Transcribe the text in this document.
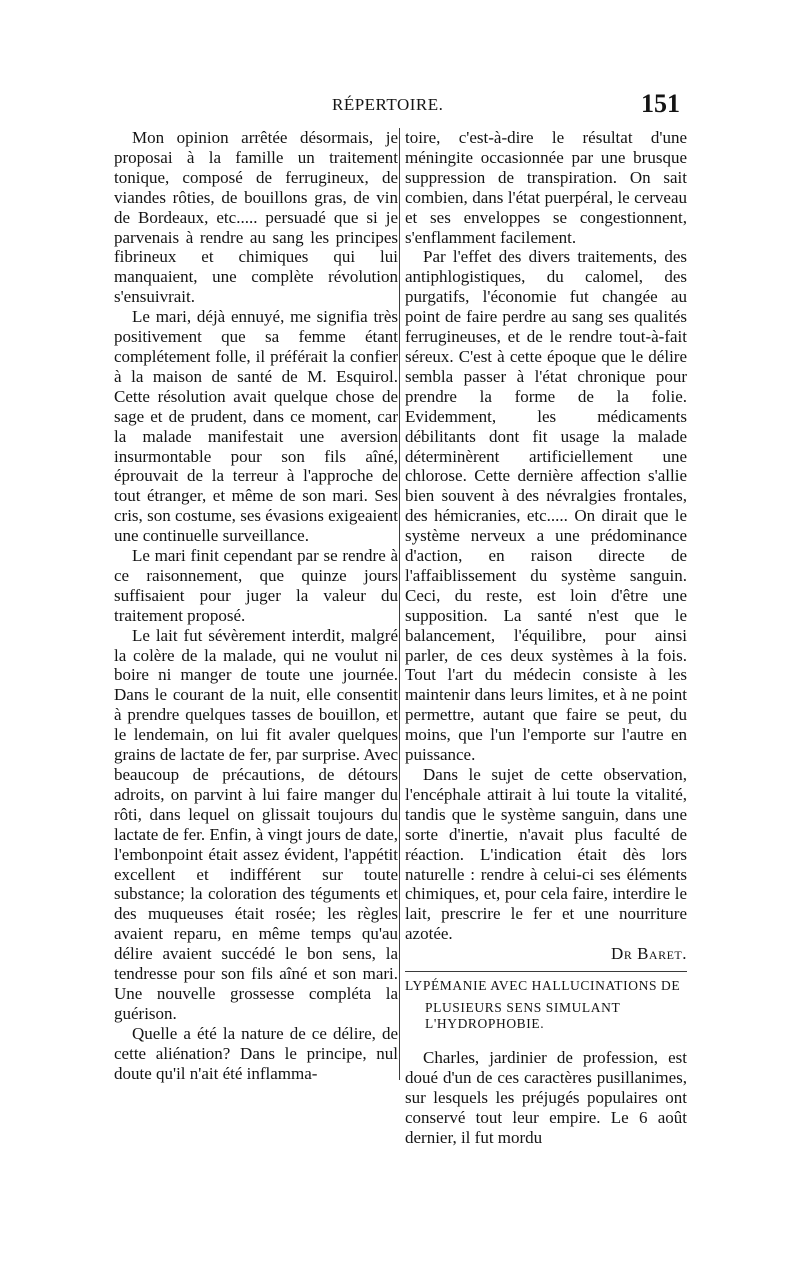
RÉPERTOIRE.	151

Mon opinion arrêtée désormais, je proposai à la famille un traitement tonique, composé de ferrugineux, de viandes rôties, de bouillons gras, de vin de Bordeaux, etc..... persuadé que si je parvenais à rendre au sang les principes fibrineux et chimiques qui lui manquaient, une complète révolution s'ensuivrait.

Le mari, déjà ennuyé, me signifia très positivement que sa femme étant complétement folle, il préférait la confier à la maison de santé de M. Esquirol. Cette résolution avait quelque chose de sage et de prudent, dans ce moment, car la malade manifestait une aversion insurmontable pour son fils aîné, éprouvait de la terreur à l'approche de tout étranger, et même de son mari. Ses cris, son costume, ses évasions exigeaient une continuelle surveillance.

Le mari finit cependant par se rendre à ce raisonnement, que quinze jours suffisaient pour juger la valeur du traitement proposé.

Le lait fut sévèrement interdit, malgré la colère de la malade, qui ne voulut ni boire ni manger de toute une journée. Dans le courant de la nuit, elle consentit à prendre quelques tasses de bouillon, et le lendemain, on lui fit avaler quelques grains de lactate de fer, par surprise. Avec beaucoup de précautions, de détours adroits, on parvint à lui faire manger du rôti, dans lequel on glissait toujours du lactate de fer. Enfin, à vingt jours de date, l'embonpoint était assez évident, l'appétit excellent et indifférent sur toute substance; la coloration des téguments et des muqueuses était rosée; les règles avaient reparu, en même temps qu'au délire avaient succédé le bon sens, la tendresse pour son fils aîné et son mari. Une nouvelle grossesse compléta la guérison.

Quelle a été la nature de ce délire, de cette aliénation? Dans le principe, nul doute qu'il n'ait été inflamma-

toire, c'est-à-dire le résultat d'une méningite occasionnée par une brusque suppression de transpiration. On sait combien, dans l'état puerpéral, le cerveau et ses enveloppes se congestionnent, s'enflamment facilement.

Par l'effet des divers traitements, des antiphlogistiques, du calomel, des purgatifs, l'économie fut changée au point de faire perdre au sang ses qualités ferrugineuses, et de le rendre tout-à-fait séreux. C'est à cette époque que le délire sembla passer à l'état chronique pour prendre la forme de la folie. Evidemment, les médicaments débilitants dont fit usage la malade déterminèrent artificiellement une chlorose. Cette dernière affection s'allie bien souvent à des névralgies frontales, des hémicranies, etc..... On dirait que le système nerveux a une prédominance d'action, en raison directe de l'affaiblissement du système sanguin. Ceci, du reste, est loin d'être une supposition. La santé n'est que le balancement, l'équilibre, pour ainsi parler, de ces deux systèmes à la fois. Tout l'art du médecin consiste à les maintenir dans leurs limites, et à ne point permettre, autant que faire se peut, du moins, que l'un l'emporte sur l'autre en puissance.

Dans le sujet de cette observation, l'encéphale attirait à lui toute la vitalité, tandis que le système sanguin, dans une sorte d'inertie, n'avait plus faculté de réaction. L'indication était dès lors naturelle : rendre à celui-ci ses éléments chimiques, et, pour cela faire, interdire le lait, prescrire le fer et une nourriture azotée.

Dr Baret.
LYPÉMANIE AVEC HALLUCINATIONS DE
PLUSIEURS SENS SIMULANT L'HYDROPHOBIE.

Charles, jardinier de profession, est doué d'un de ces caractères pusillanimes, sur lesquels les préjugés populaires ont conservé tout leur empire. Le 6 août dernier, il fut mordu
